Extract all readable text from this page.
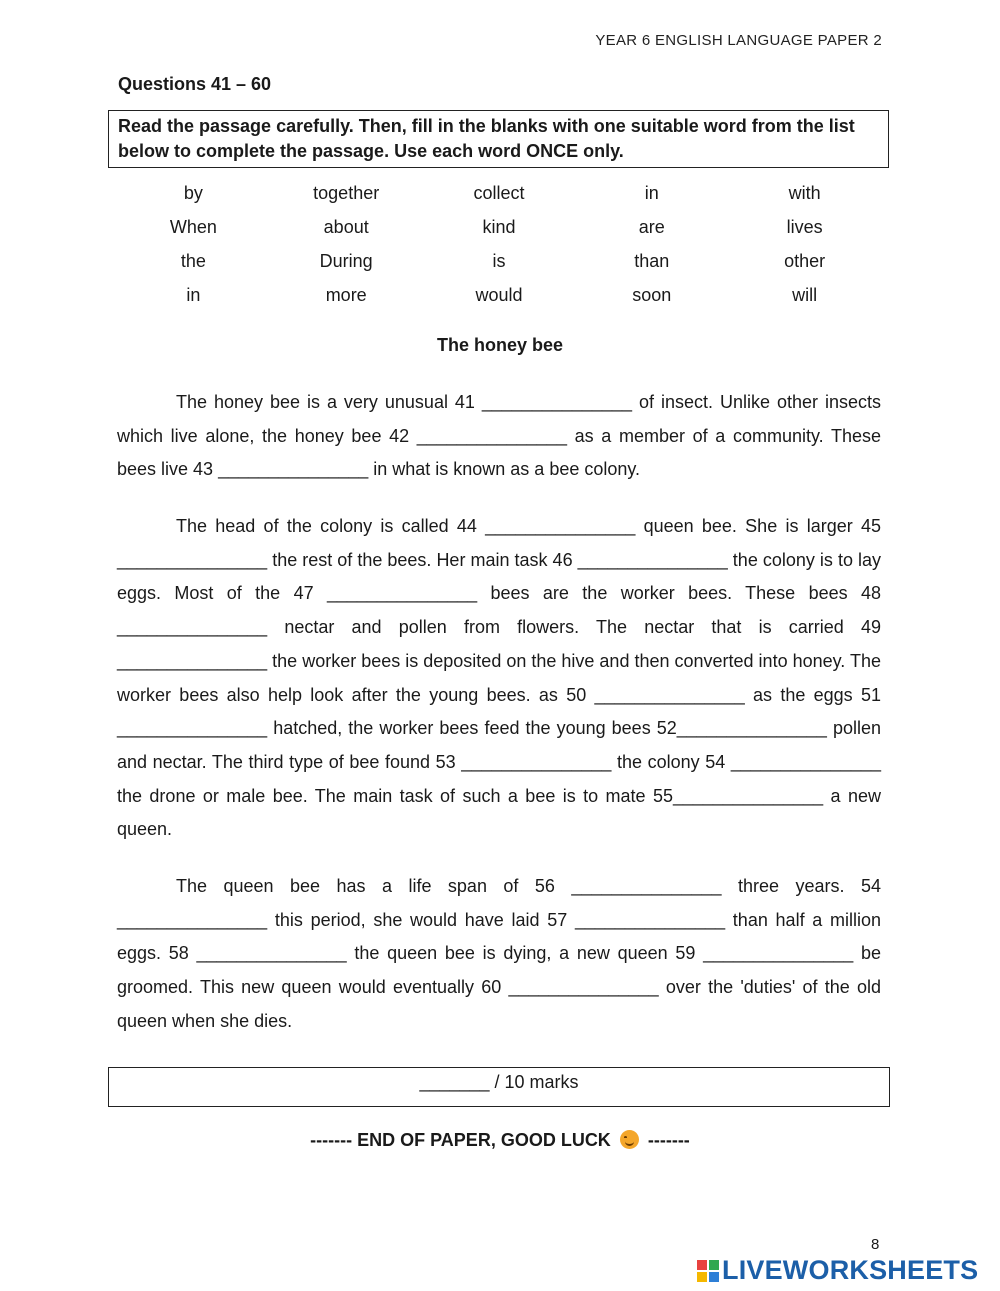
YEAR 6 ENGLISH LANGUAGE PAPER 2
Questions 41 – 60
Read the passage carefully. Then, fill in the blanks with one suitable word from the list below to complete the passage. Use each word ONCE only.
by	together	collect	in	with
When	about	kind	are	lives
the	During	is	than	other
in	more	would	soon	will
The honey bee

The honey bee is a very unusual 41 _______________ of insect. Unlike other insects which live alone, the honey bee 42 _______________ as a member of a community. These bees live 43 _______________ in what is known as a bee colony.

The head of the colony is called 44 _______________ queen bee. She is larger 45 _______________ the rest of the bees. Her main task 46 _______________ the colony is to lay eggs. Most of the 47 _______________ bees are the worker bees. These bees 48 _______________ nectar and pollen from flowers. The nectar that is carried 49 _______________ the worker bees is deposited on the hive and then converted into honey. The worker bees also help look after the young bees. as 50 _______________ as the eggs 51 _______________ hatched, the worker bees feed the young bees 52_______________ pollen and nectar. The third type of bee found 53 _______________ the colony 54 _______________ the drone or male bee. The main task of such a bee is to mate 55_______________ a new queen.

The queen bee has a life span of 56 _______________ three years. 54 _______________ this period, she would have laid 57 _______________ than half a million eggs. 58 _______________ the queen bee is dying, a new queen 59 _______________ be groomed. This new queen would eventually 60 _______________ over the 'duties' of the old queen when she dies.

_______ / 10 marks
------- END OF PAPER, GOOD LUCK -------
8
LIVEWORKSHEETS
